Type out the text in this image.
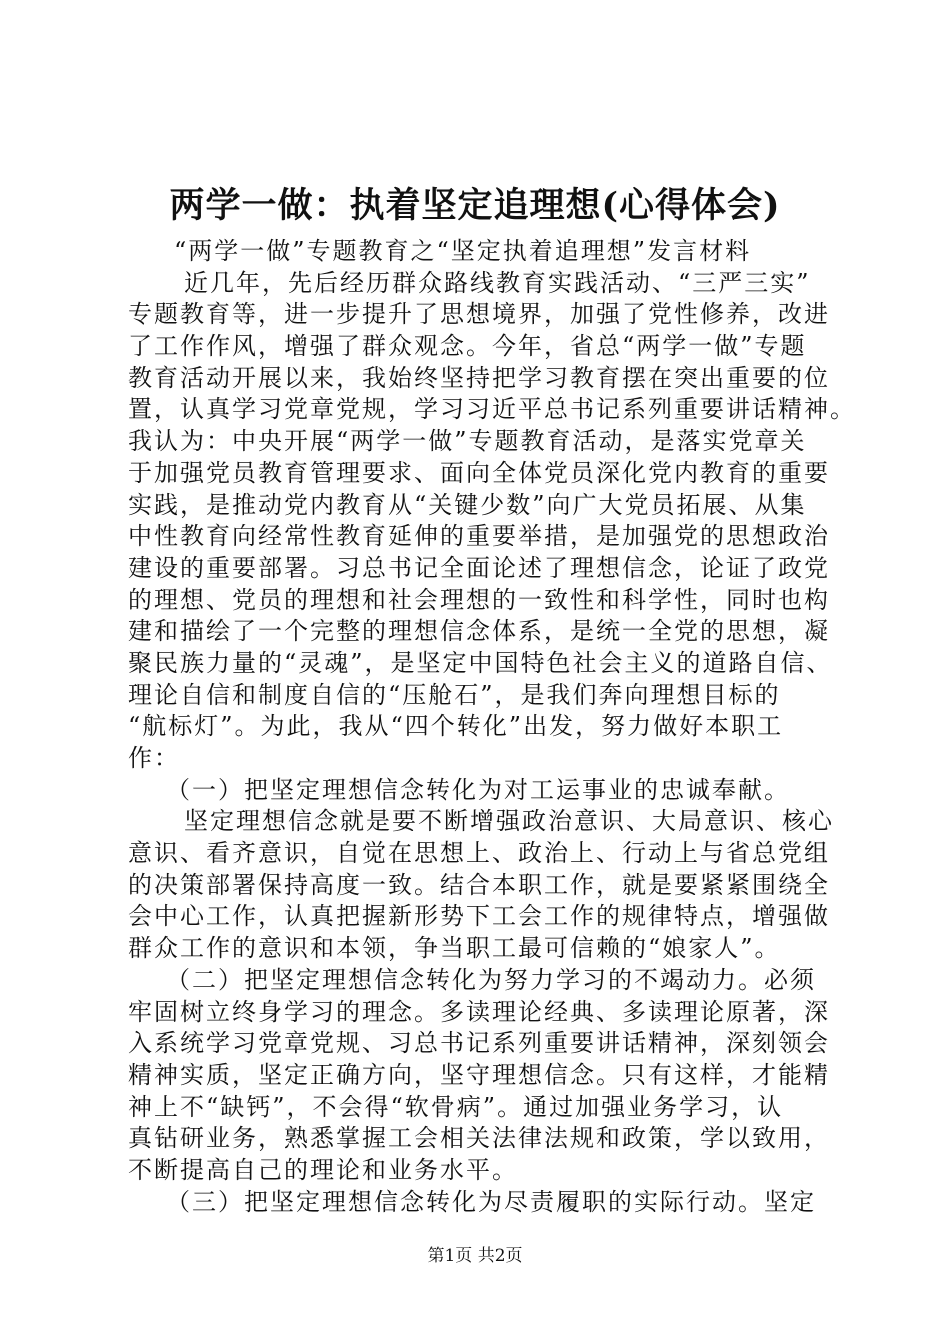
两学一做：执着坚定追理想(心得体会)
“两学一做”专题教育之“坚定执着追理想”发言材料
近几年，先后经历群众路线教育实践活动、“三严三实”
专题教育等，进一步提升了思想境界，加强了党性修养，改进
了工作作风，增强了群众观念。今年，省总“两学一做”专题
教育活动开展以来，我始终坚持把学习教育摆在突出重要的位
置，认真学习党章党规，学习习近平总书记系列重要讲话精神。
我认为：中央开展“两学一做”专题教育活动，是落实党章关
于加强党员教育管理要求、面向全体党员深化党内教育的重要
实践，是推动党内教育从“关键少数”向广大党员拓展、从集
中性教育向经常性教育延伸的重要举措，是加强党的思想政治
建设的重要部署。习总书记全面论述了理想信念，论证了政党
的理想、党员的理想和社会理想的一致性和科学性，同时也构
建和描绘了一个完整的理想信念体系，是统一全党的思想，凝
聚民族力量的“灵魂”，是坚定中国特色社会主义的道路自信、
理论自信和制度自信的“压舱石”，是我们奔向理想目标的
“航标灯”。为此，我从“四个转化”出发，努力做好本职工
作：
（一）把坚定理想信念转化为对工运事业的忠诚奉献。
坚定理想信念就是要不断增强政治意识、大局意识、核心
意识、看齐意识，自觉在思想上、政治上、行动上与省总党组
的决策部署保持高度一致。结合本职工作，就是要紧紧围绕全
会中心工作，认真把握新形势下工会工作的规律特点，增强做
群众工作的意识和本领，争当职工最可信赖的“娘家人”。
（二）把坚定理想信念转化为努力学习的不竭动力。必须
牢固树立终身学习的理念。多读理论经典、多读理论原著，深
入系统学习党章党规、习总书记系列重要讲话精神，深刻领会
精神实质，坚定正确方向，坚守理想信念。只有这样，才能精
神上不“缺钙”，不会得“软骨病”。通过加强业务学习，认
真钻研业务，熟悉掌握工会相关法律法规和政策，学以致用，
不断提高自己的理论和业务水平。
（三）把坚定理想信念转化为尽责履职的实际行动。坚定
第1页 共2页
